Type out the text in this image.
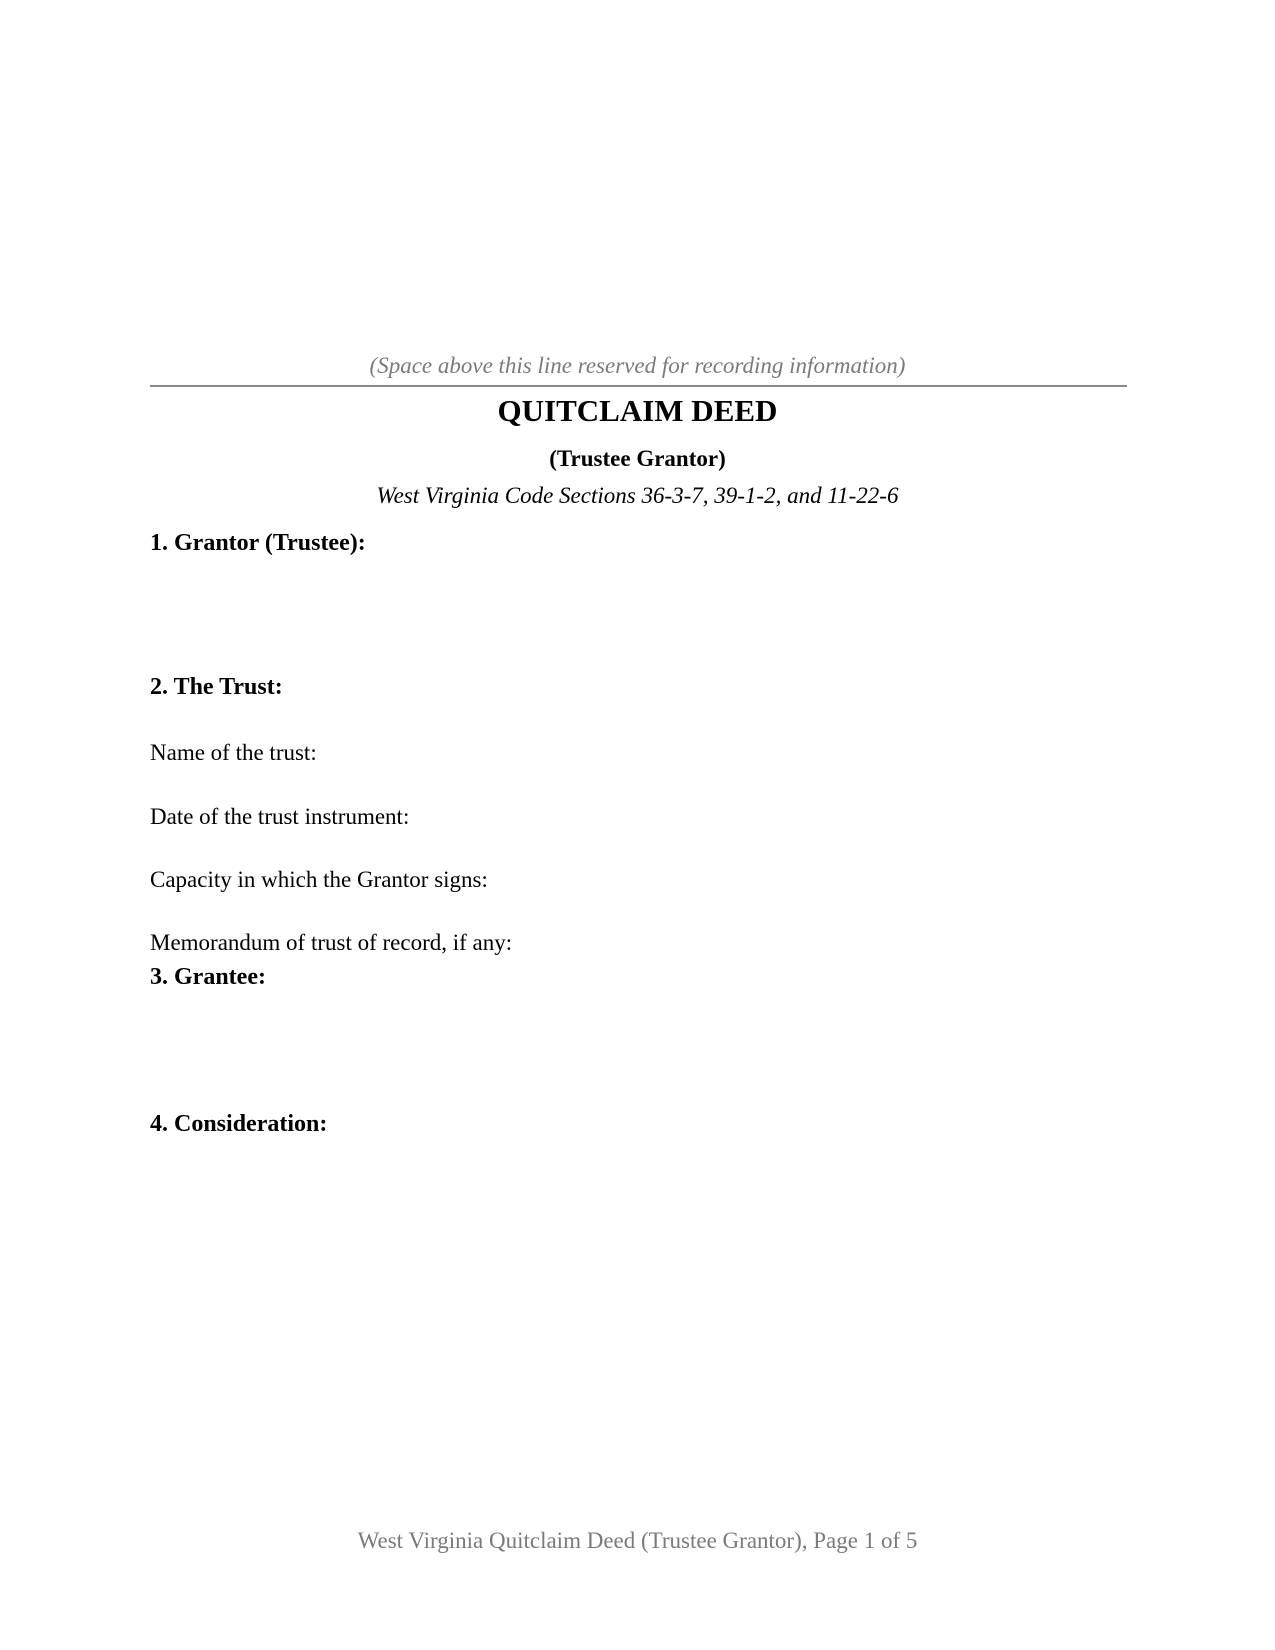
(Space above this line reserved for recording information)
QUITCLAIM DEED
(Trustee Grantor)
West Virginia Code Sections 36-3-7, 39-1-2, and 11-22-6
1. Grantor (Trustee):
2. The Trust:
Name of the trust:
Date of the trust instrument:
Capacity in which the Grantor signs:
Memorandum of trust of record, if any:
3. Grantee:
4. Consideration:
West Virginia Quitclaim Deed (Trustee Grantor), Page 1 of 5
